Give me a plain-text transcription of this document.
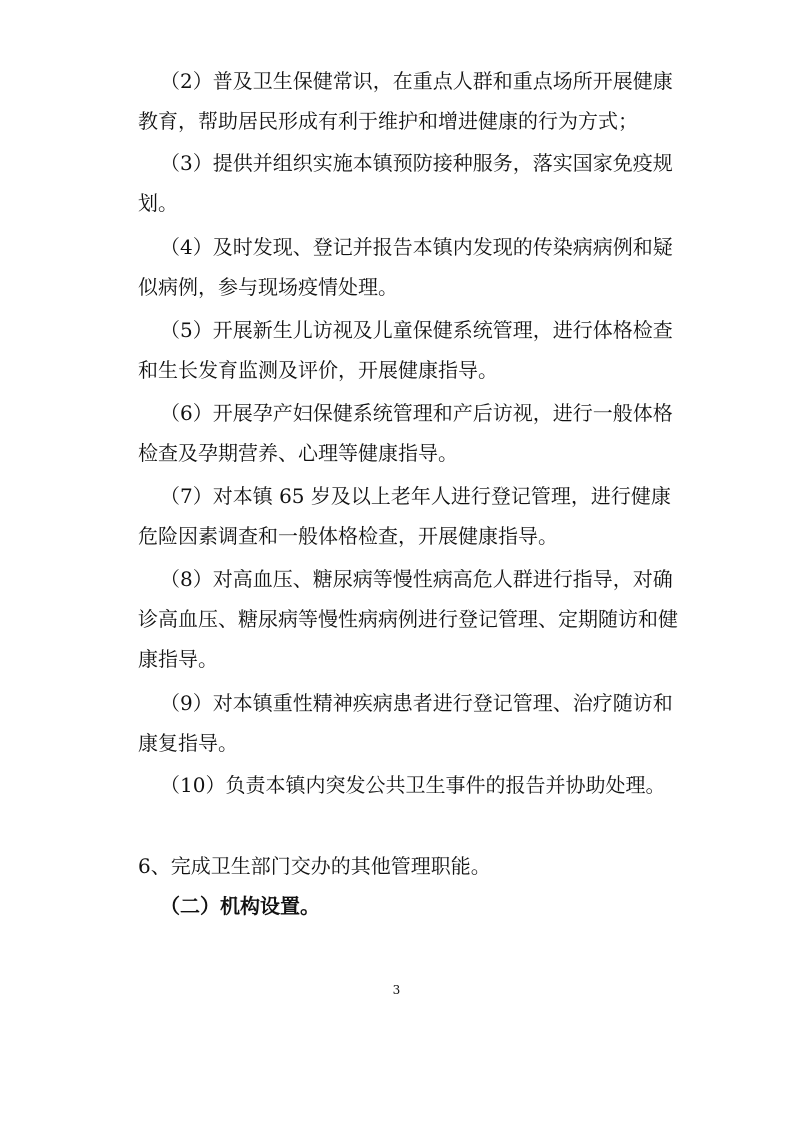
（2）普及卫生保健常识，在重点人群和重点场所开展健康
教育，帮助居民形成有利于维护和增进健康的行为方式；

（3）提供并组织实施本镇预防接种服务，落实国家免疫规
划。

（4）及时发现、登记并报告本镇内发现的传染病病例和疑
似病例，参与现场疫情处理。

（5）开展新生儿访视及儿童保健系统管理，进行体格检查
和生长发育监测及评价，开展健康指导。

（6）开展孕产妇保健系统管理和产后访视，进行一般体格
检查及孕期营养、心理等健康指导。

（7）对本镇 65 岁及以上老年人进行登记管理，进行健康
危险因素调查和一般体格检查，开展健康指导。

（8）对高血压、糖尿病等慢性病高危人群进行指导，对确
诊高血压、糖尿病等慢性病病例进行登记管理、定期随访和健
康指导。

（9）对本镇重性精神疾病患者进行登记管理、治疗随访和
康复指导。

（10）负责本镇内突发公共卫生事件的报告并协助处理。

6、完成卫生部门交办的其他管理职能。

（二）机构设置。

3
